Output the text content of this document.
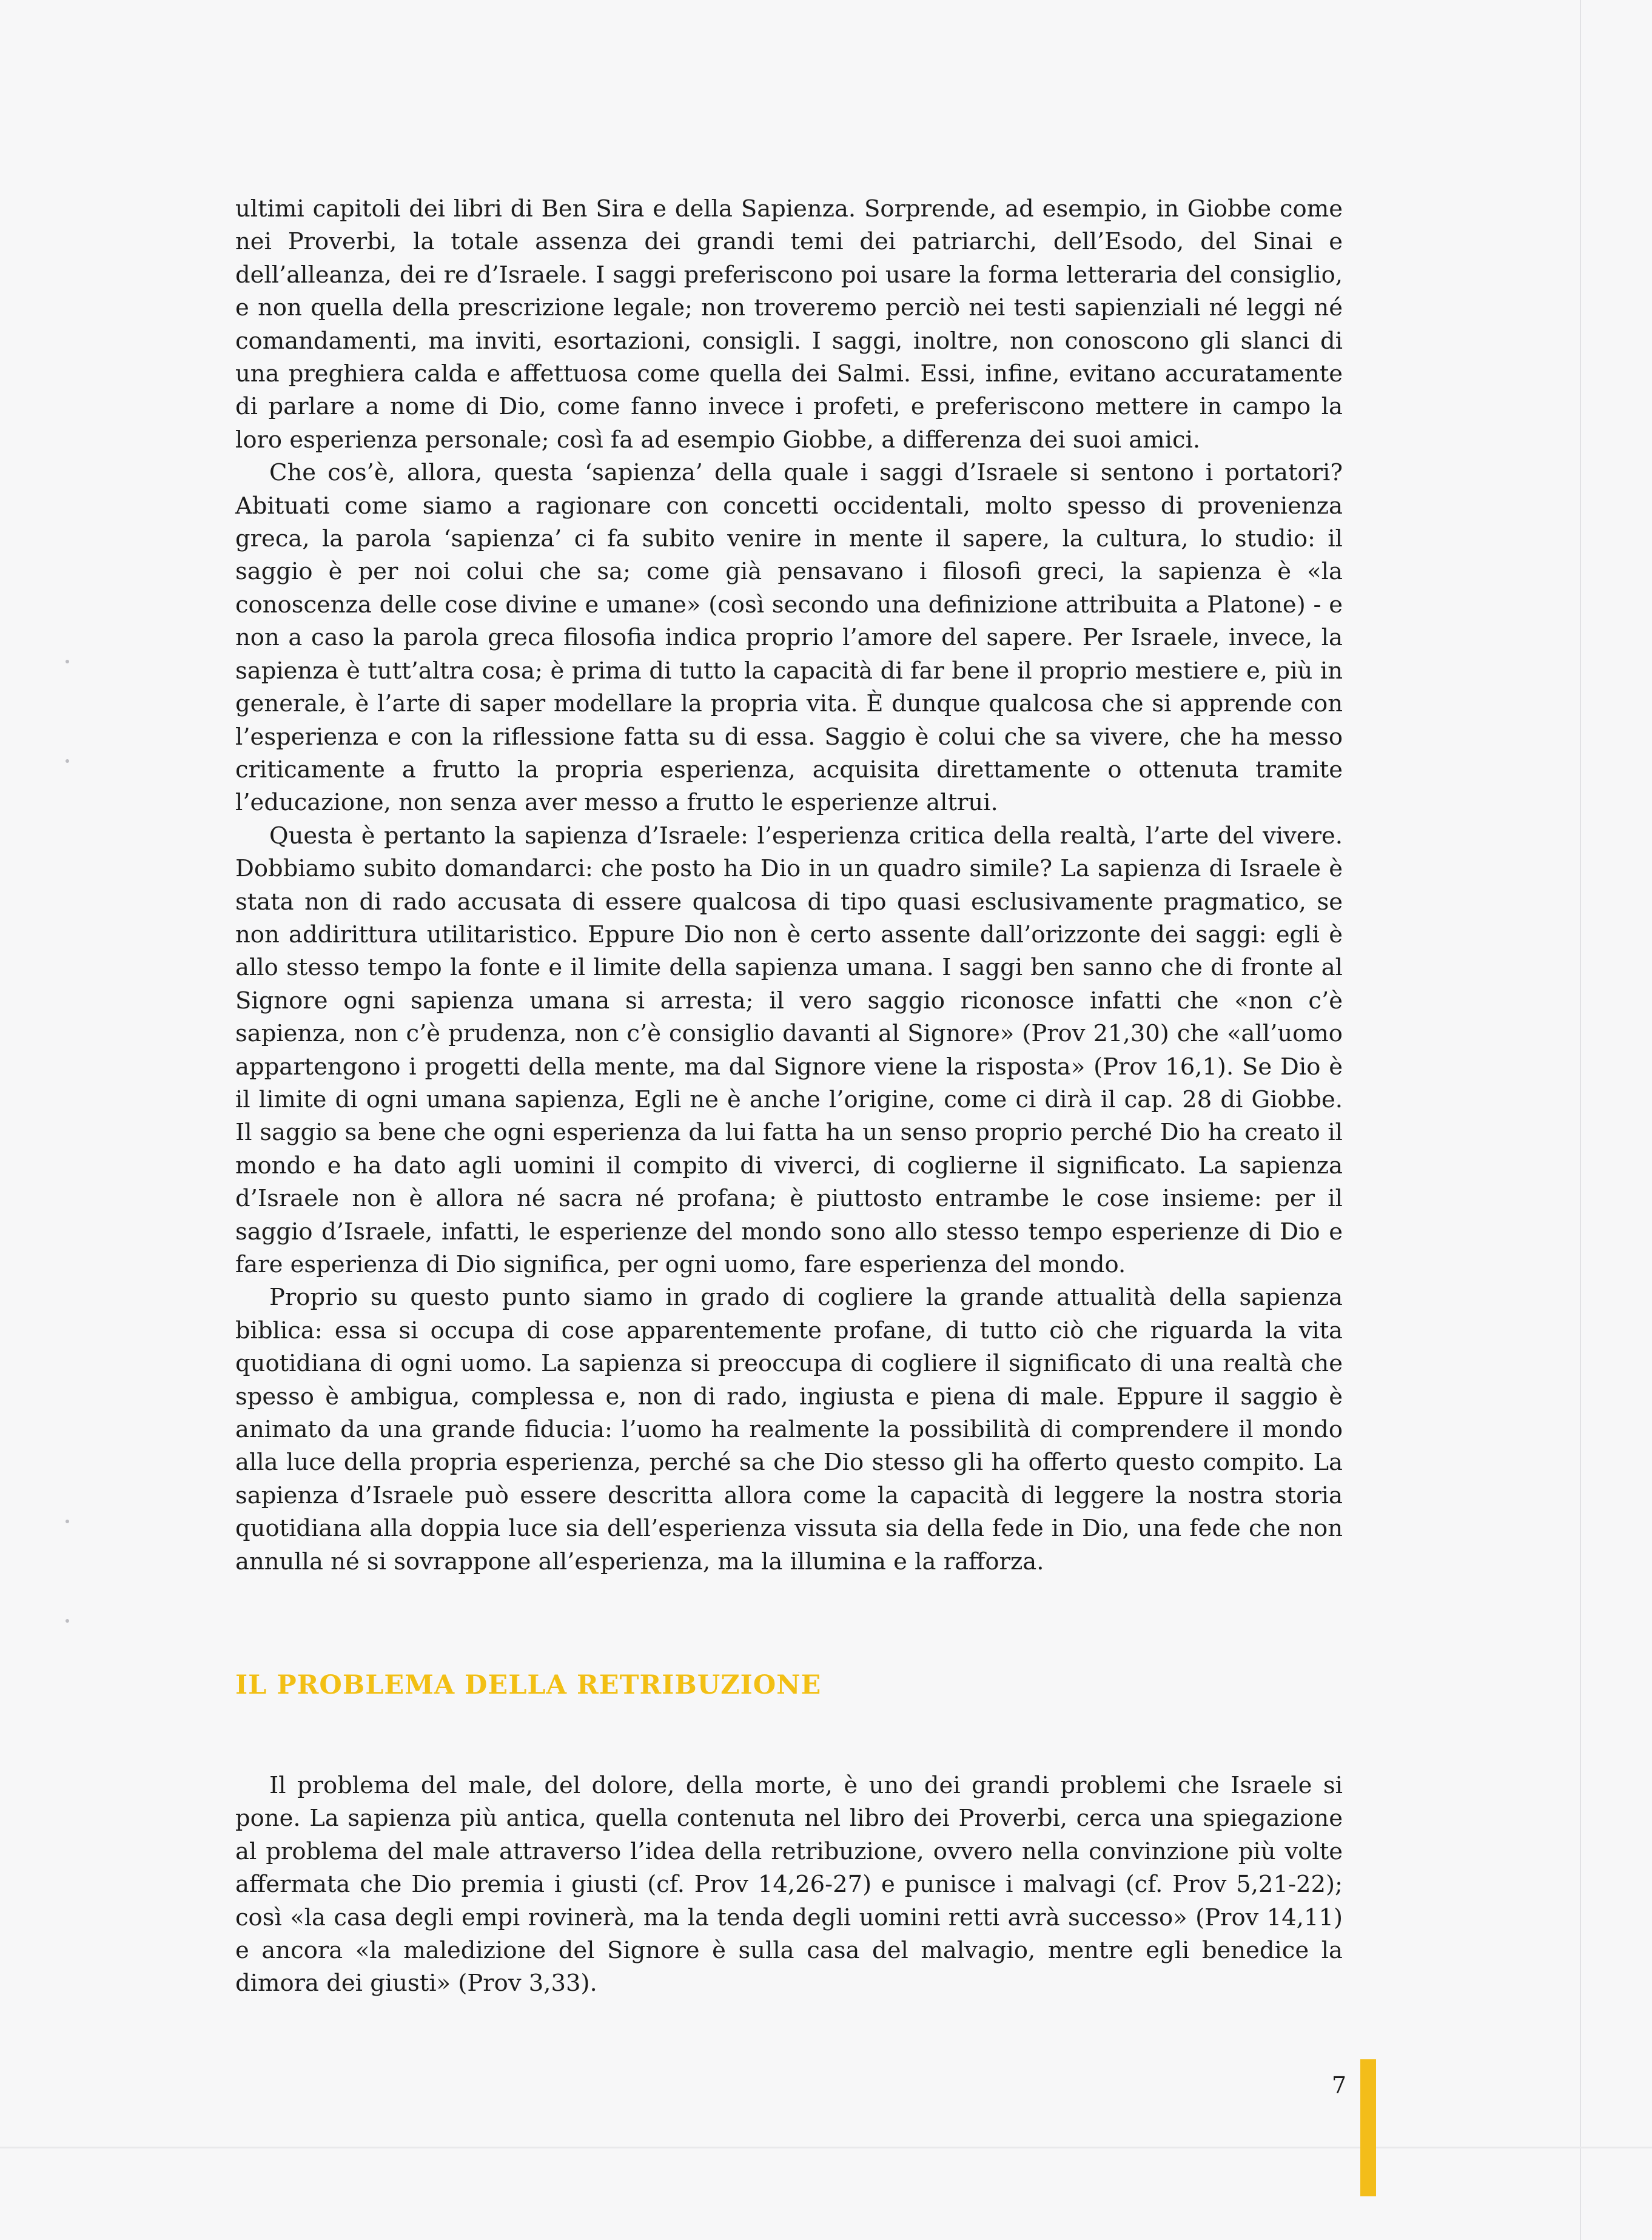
ultimi capitoli dei libri di Ben Sira e della Sapienza. Sorprende, ad esempio, in Giobbe come nei Proverbi, la totale assenza dei grandi temi dei patriarchi, dell’Esodo, del Sinai e dell’alleanza, dei re d’Israele. I saggi preferiscono poi usare la forma letteraria del consiglio, e non quella della prescrizione legale; non troveremo perciò nei testi sapienziali né leggi né comandamenti, ma inviti, esortazioni, consigli. I saggi, inoltre, non conoscono gli slanci di una preghiera calda e affettuosa come quella dei Salmi. Essi, infine, evitano accuratamente di parlare a nome di Dio, come fanno invece i profeti, e preferiscono mettere in campo la loro esperienza personale; così fa ad esempio Giobbe, a differenza dei suoi amici.

Che cos’è, allora, questa ‘sapienza’ della quale i saggi d’Israele si sentono i portatori? Abituati come siamo a ragionare con concetti occidentali, molto spesso di provenienza greca, la parola ‘sapienza’ ci fa subito venire in mente il sapere, la cultura, lo studio: il saggio è per noi colui che sa; come già pensavano i filosofi greci, la sapienza è «la conoscenza delle cose divine e umane» (così secondo una definizione attribuita a Platone) - e non a caso la parola greca filosofia indica proprio l’amore del sapere. Per Israele, invece, la sapienza è tutt’altra cosa; è prima di tutto la capacità di far bene il proprio mestiere e, più in generale, è l’arte di saper modellare la propria vita. È dunque qualcosa che si apprende con l’esperienza e con la riflessione fatta su di essa. Saggio è colui che sa vivere, che ha messo criticamente a frutto la propria esperienza, acquisita direttamente o ottenuta tramite l’educazione, non senza aver messo a frutto le esperienze altrui.

Questa è pertanto la sapienza d’Israele: l’esperienza critica della realtà, l’arte del vivere. Dobbiamo subito domandarci: che posto ha Dio in un quadro simile? La sapienza di Israele è stata non di rado accusata di essere qualcosa di tipo quasi esclusivamente pragmatico, se non addirittura utilitaristico. Eppure Dio non è certo assente dall’orizzonte dei saggi: egli è allo stesso tempo la fonte e il limite della sapienza umana. I saggi ben sanno che di fronte al Signore ogni sapienza umana si arresta; il vero saggio riconosce infatti che «non c’è sapienza, non c’è prudenza, non c’è consiglio davanti al Signore» (Prov 21,30) che «all’uomo appartengono i progetti della mente, ma dal Signore viene la risposta» (Prov 16,1). Se Dio è il limite di ogni umana sapienza, Egli ne è anche l’origine, come ci dirà il cap. 28 di Giobbe. Il saggio sa bene che ogni esperienza da lui fatta ha un senso proprio perché Dio ha creato il mondo e ha dato agli uomini il compito di viverci, di coglierne il significato. La sapienza d’Israele non è allora né sacra né profana; è piuttosto entrambe le cose insieme: per il saggio d’Israele, infatti, le esperienze del mondo sono allo stesso tempo esperienze di Dio e fare esperienza di Dio significa, per ogni uomo, fare esperienza del mondo.

Proprio su questo punto siamo in grado di cogliere la grande attualità della sapienza biblica: essa si occupa di cose apparentemente profane, di tutto ciò che riguarda la vita quotidiana di ogni uomo. La sapienza si preoccupa di cogliere il significato di una realtà che spesso è ambigua, complessa e, non di rado, ingiusta e piena di male. Eppure il saggio è animato da una grande fiducia: l’uomo ha realmente la possibilità di comprendere il mondo alla luce della propria esperienza, perché sa che Dio stesso gli ha offerto questo compito. La sapienza d’Israele può essere descritta allora come la capacità di leggere la nostra storia quotidiana alla doppia luce sia dell’esperienza vissuta sia della fede in Dio, una fede che non annulla né si sovrappone all’esperienza, ma la illumina e la rafforza.

IL PROBLEMA DELLA RETRIBUZIONE

Il problema del male, del dolore, della morte, è uno dei grandi problemi che Israele si pone. La sapienza più antica, quella contenuta nel libro dei Proverbi, cerca una spiegazione al problema del male attraverso l’idea della retribuzione, ovvero nella convinzione più volte affermata che Dio premia i giusti (cf. Prov 14,26-27) e punisce i malvagi (cf. Prov 5,21-22); così «la casa degli empi rovinerà, ma la tenda degli uomini retti avrà successo» (Prov 14,11) e ancora «la maledizione del Signore è sulla casa del malvagio, mentre egli benedice la dimora dei giusti» (Prov 3,33).

7
